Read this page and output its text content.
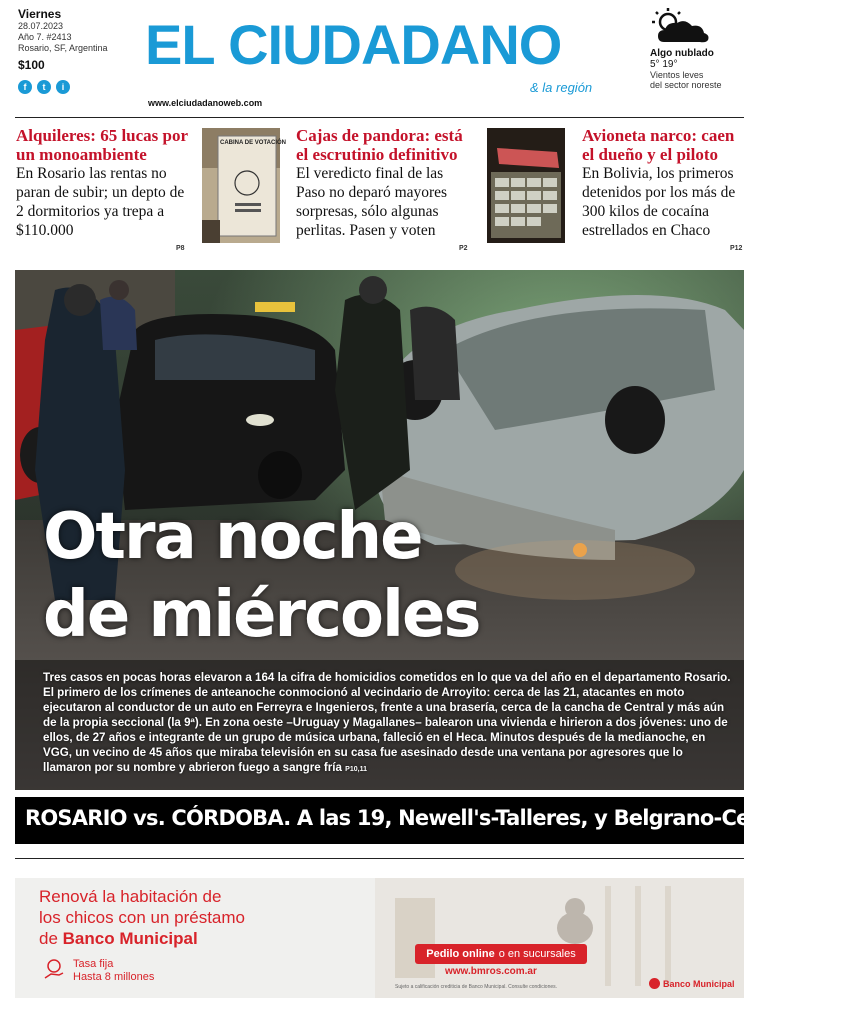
Viernes
28.07.2023
Año 7. #2413
Rosario, SF, Argentina
$100
f	t	i
EL CIUDADANO
& la región
www.elciudadanoweb.com
Algo nublado
5° 19°
Vientos leves
del sector noreste
Alquileres: 65 lucas por un monoambiente

En Rosario las rentas no paran de subir; un depto de 2 dormitorios ya trepa a $110.000

P8
CABINA DE VOTACIÓN Cajas de pandora: está el escrutinio definitivo

El veredicto final de las Paso no deparó mayores sorpresas, sólo algunas perlitas. Pasen y voten

P2
Avioneta narco: caen el dueño y el piloto

En Bolivia, los primeros detenidos por los más de 300 kilos de cocaína estrellados en Chaco

P12
Otra noche
de miércoles
Tres casos en pocas horas elevaron a 164 la cifra de homicidios cometidos en lo que va del año en el departamento Rosario. El primero de los crímenes de anteanoche conmocionó al vecindario de Arroyito: cerca de las 21, atacantes en moto ejecutaron al conductor de un auto en Ferreyra e Ingenieros, frente a una brasería, cerca de la cancha de Central y más aún de la propia seccional (la 9ª). En zona oeste –Uruguay y Magallanes– balearon una vivienda e hirieron a dos jóvenes: uno de ellos, de 27 años e integrante de un grupo de música urbana, falleció en el Heca. Minutos después de la medianoche, en VGG, un vecino de 45 años que miraba televisión en su casa fue asesinado desde una ventana por agresores que lo llamaron por su nombre y abrieron fuego a sangre fría P10,11
ROSARIO vs. CÓRDOBA. A las 19, Newell's-Talleres, y Belgrano-Central P14,15
Renová la habitación de
los chicos con un préstamo
de Banco Municipal
Tasa fija
Hasta 8 millones
Pedilo online o en sucursales
www.bmros.com.ar
Sujeto a calificación crediticia de Banco Municipal. Consulte condiciones.	Banco Municipal
